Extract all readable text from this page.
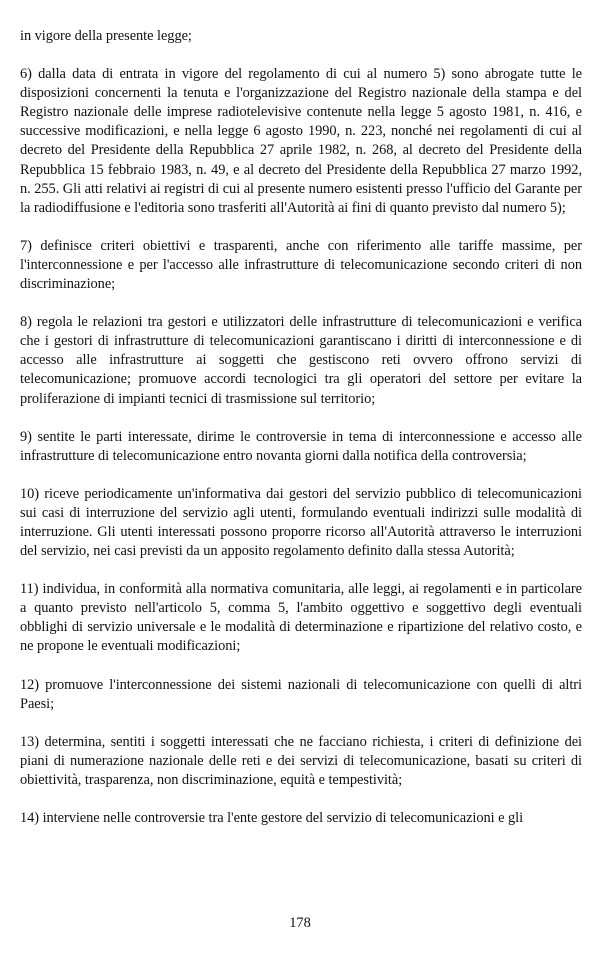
in vigore della presente legge;

6) dalla data di entrata in vigore del regolamento di cui al numero 5) sono abrogate tutte le disposizioni concernenti la tenuta e l'organizzazione del Registro nazionale della stampa e del Registro nazionale delle imprese radiotelevisive contenute nella legge 5 agosto 1981, n. 416, e successive modificazioni, e nella legge 6 agosto 1990, n. 223, nonché nei regolamenti di cui al decreto del Presidente della Repubblica 27 aprile 1982, n. 268, al decreto del Presidente della Repubblica 15 febbraio 1983, n. 49, e al decreto del Presidente della Repubblica 27 marzo 1992, n. 255. Gli atti relativi ai registri di cui al presente numero esistenti presso l'ufficio del Garante per la radiodiffusione e l'editoria sono trasferiti all'Autorità ai fini di quanto previsto dal numero 5);

7) definisce criteri obiettivi e trasparenti, anche con riferimento alle tariffe massime, per l'interconnessione e per l'accesso alle infrastrutture di telecomunicazione secondo criteri di non discriminazione;

8) regola le relazioni tra gestori e utilizzatori delle infrastrutture di telecomunicazioni e verifica che i gestori di infrastrutture di telecomunicazioni garantiscano i diritti di interconnessione e di accesso alle infrastrutture ai soggetti che gestiscono reti ovvero offrono servizi di telecomunicazione; promuove accordi tecnologici tra gli operatori del settore per evitare la proliferazione di impianti tecnici di trasmissione sul territorio;

9) sentite le parti interessate, dirime le controversie in tema di interconnessione e accesso alle infrastrutture di telecomunicazione entro novanta giorni dalla notifica della controversia;

10) riceve periodicamente un'informativa dai gestori del servizio pubblico di telecomunicazioni sui casi di interruzione del servizio agli utenti, formulando eventuali indirizzi sulle modalità di interruzione. Gli utenti interessati possono proporre ricorso all'Autorità attraverso le interruzioni del servizio, nei casi previsti da un apposito regolamento definito dalla stessa Autorità;

11) individua, in conformità alla normativa comunitaria, alle leggi, ai regolamenti e in particolare a quanto previsto nell'articolo 5, comma 5, l'ambito oggettivo e soggettivo degli eventuali obblighi di servizio universale e le modalità di determinazione e ripartizione del relativo costo, e ne propone le eventuali modificazioni;

12) promuove l'interconnessione dei sistemi nazionali di telecomunicazione con quelli di altri Paesi;

13) determina, sentiti i soggetti interessati che ne facciano richiesta, i criteri di definizione dei piani di numerazione nazionale delle reti e dei servizi di telecomunicazione, basati su criteri di obiettività, trasparenza, non discriminazione, equità e tempestività;

14) interviene nelle controversie tra l'ente gestore del servizio di telecomunicazioni e gli

178
